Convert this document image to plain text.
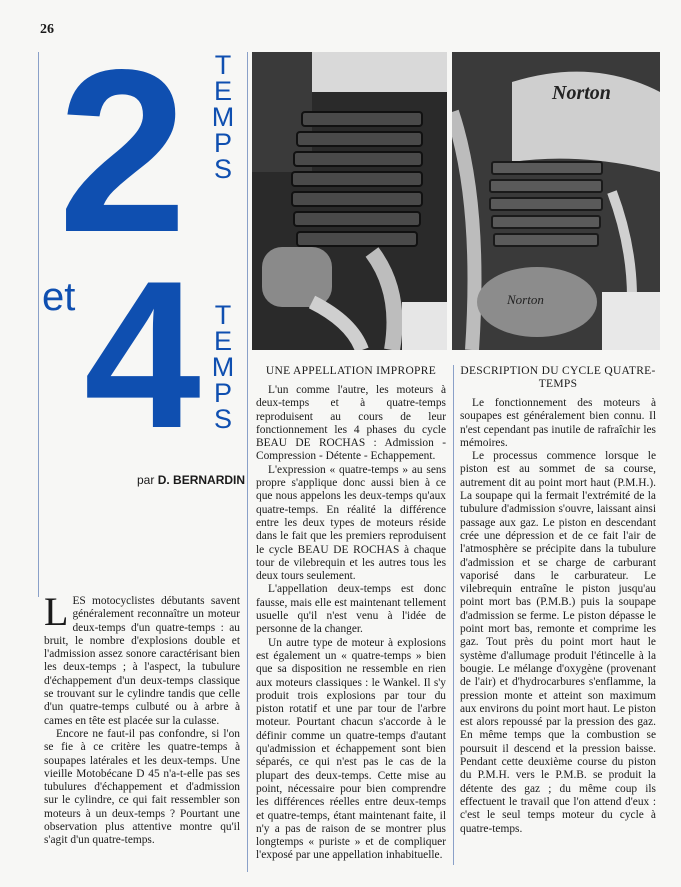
26 2 T
E
M
P
S
et 4 T
E
M
P
S
par D. BERNARDIN
Norton
Norton

LES motocyclistes débutants savent généralement reconnaître un moteur deux-temps d'un quatre-temps : au bruit, le nombre d'explosions double et l'admission assez sonore caractérisant bien les deux-temps ; à l'aspect, la tubulure d'échappement d'un deux-temps classique se trouvant sur le cylindre tandis que celle d'un quatre-temps culbuté ou à arbre à cames en tête est placée sur la culasse.

Encore ne faut-il pas confondre, si l'on se fie à ce critère les quatre-temps à soupapes latérales et les deux-temps. Une vieille Motobécane D 45 n'a-t-elle pas ses tubulures d'échappement et d'admission sur le cylindre, ce qui fait ressembler son moteurs à un deux-temps ? Pourtant une observation plus attentive montre qu'il s'agit d'un quatre-temps.

UNE APPELLATION IMPROPRE

L'un comme l'autre, les moteurs à deux-temps et à quatre-temps reproduisent au cours de leur fonctionnement les 4 phases du cycle BEAU DE ROCHAS : Admission - Compression - Détente - Echappement.

L'expression « quatre-temps » au sens propre s'applique donc aussi bien à ce que nous appelons les deux-temps qu'aux quatre-temps. En réalité la différence entre les deux types de moteurs réside dans le fait que les premiers reproduisent le cycle BEAU DE ROCHAS à chaque tour de vilebrequin et les autres tous les deux tours seulement.

L'appellation deux-temps est donc fausse, mais elle est maintenant tellement usuelle qu'il n'est venu à l'idée de personne de la changer.

Un autre type de moteur à explosions est également un « quatre-temps » bien que sa disposition ne ressemble en rien aux moteurs classiques : le Wankel. Il s'y produit trois explosions par tour du piston rotatif et une par tour de l'arbre moteur. Pourtant chacun s'accorde à le définir comme un quatre-temps d'autant qu'admission et échappement sont bien séparés, ce qui n'est pas le cas de la plupart des deux-temps. Cette mise au point, nécessaire pour bien comprendre les différences réelles entre deux-temps et quatre-temps, étant maintenant faite, il n'y a pas de raison de se montrer plus longtemps « puriste » et de compliquer l'exposé par une appellation inhabituelle.

DESCRIPTION DU CYCLE QUATRE-TEMPS

Le fonctionnement des moteurs à soupapes est généralement bien connu. Il n'est cependant pas inutile de rafraîchir les mémoires.

Le processus commence lorsque le piston est au sommet de sa course, autrement dit au point mort haut (P.M.H.). La soupape qui la fermait l'extrémité de la tubulure d'admission s'ouvre, laissant ainsi passage aux gaz. Le piston en descendant crée une dépression et de ce fait l'air de l'atmosphère se précipite dans la tubulure d'admission et se charge de carburant vaporisé dans le carburateur. Le vilebrequin entraîne le piston jusqu'au point mort bas (P.M.B.) puis la soupape d'admission se ferme. Le piston dépasse le point mort bas, remonte et comprime les gaz. Tout près du point mort haut le système d'allumage produit l'étincelle à la bougie. Le mélange d'oxygène (provenant de l'air) et d'hydrocarbures s'enflamme, la pression monte et atteint son maximum aux environs du point mort haut. Le piston est alors repoussé par la pression des gaz. En même temps que la combustion se poursuit il descend et la pression baisse. Pendant cette deuxième course du piston du P.M.H. vers le P.M.B. se produit la détente des gaz ; du même coup ils effectuent le travail que l'on attend d'eux : c'est le seul temps moteur du cycle à quatre-temps.
